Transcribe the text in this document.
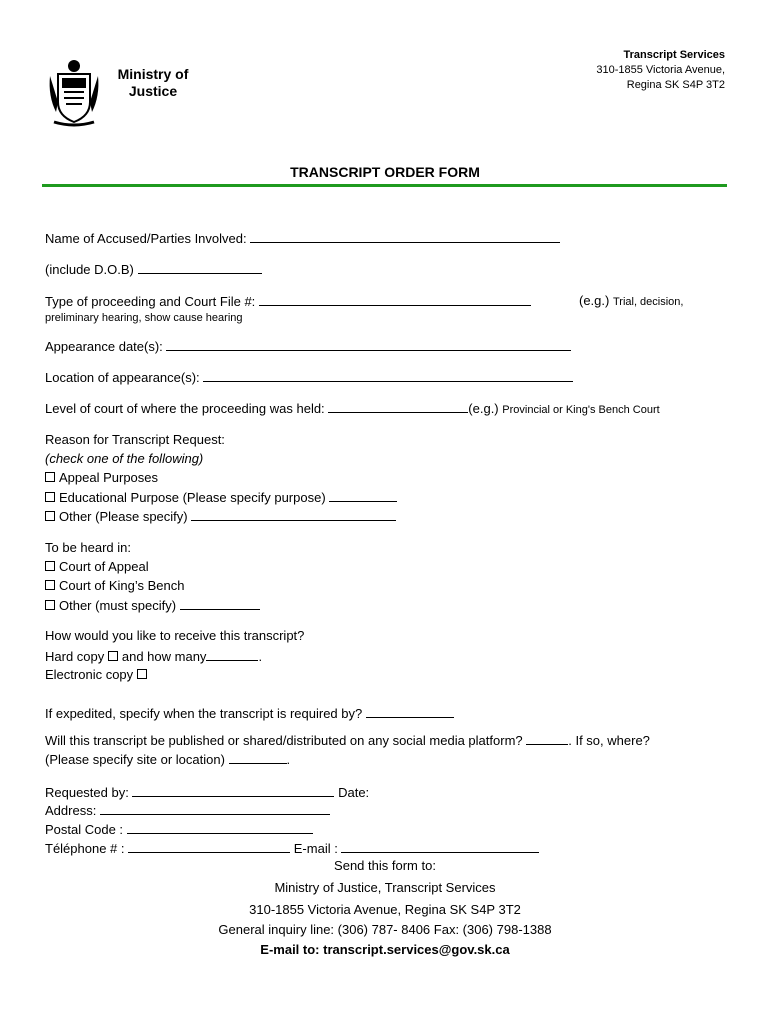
Ministry of
Justice
Transcript Services
310-1855 Victoria Avenue,
Regina SK S4P 3T2
TRANSCRIPT ORDER FORM
Name of Accused/Parties Involved:
(include D.O.B)
Type of proceeding and Court File #:	(e.g.) Trial, decision,
preliminary hearing, show cause hearing
Appearance date(s):
Location of appearance(s):
Level of court of where the proceeding was held:	(e.g.) Provincial or King's Bench Court
Reason for Transcript Request:
(check one of the following)
Appeal Purposes
Educational Purpose (Please specify purpose)
Other (Please specify)
To be heard in:
Court of Appeal
Court of King’s Bench
Other (must specify)
How would you like to receive this transcript?
Hard copy and how many	.
Electronic copy
If expedited, specify when the transcript is required by?
Will this transcript be published or shared/distributed on any social media platform?	. If so, where?
(Please specify site or location)	.
Requested by:	Date:
Address:
Postal Code :
Téléphone # :	E-mail :
Send this form to:
Ministry of Justice, Transcript Services
310-1855 Victoria Avenue, Regina SK S4P 3T2
General inquiry line: (306) 787- 8406 Fax: (306) 798-1388
E-mail to: transcript.services@gov.sk.ca
